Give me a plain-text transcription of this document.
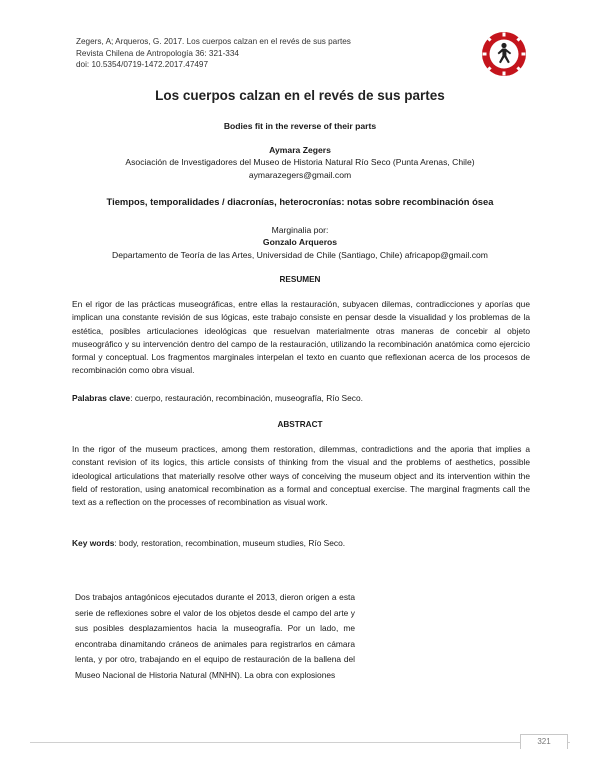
Zegers, A; Arqueros, G. 2017. Los cuerpos calzan en el revés de sus partes
Revista Chilena de Antropología 36: 321-334
doi: 10.5354/0719-1472.2017.47497
Los cuerpos calzan en el revés de sus partes
Bodies fit in the reverse of their parts
Aymara Zegers
Asociación de Investigadores del Museo de Historia Natural Río Seco (Punta Arenas, Chile)
aymarazegers@gmail.com
Tiempos, temporalidades / diacronías, heterocronías: notas sobre recombinación ósea
Marginalia por:
Gonzalo Arqueros
Departamento de Teoría de las Artes, Universidad de Chile (Santiago, Chile) africapop@gmail.com
RESUMEN
En el rigor de las prácticas museográficas, entre ellas la restauración, subyacen dilemas, contradicciones y aporías que implican una constante revisión de sus lógicas, este trabajo consiste en pensar desde la visualidad y los problemas de la estética, posibles articulaciones ideológicas que resuelvan materialmente otras maneras de concebir al objeto museográfico y su intervención dentro del campo de la restauración, utilizando la recombinación anatómica como ejercicio formal y conceptual. Los fragmentos marginales interpelan el texto en cuanto que reflexionan acerca de los procesos de recombinación como obra visual.
Palabras clave: cuerpo, restauración, recombinación, museografía, Río Seco.
ABSTRACT
In the rigor of the museum practices, among them restoration, dilemmas, contradictions and the aporia that implies a constant revision of its logics, this article consists of thinking from the visual and the problems of aesthetics, possible ideological articulations that materially resolve other ways of conceiving the museum object and its intervention within the field of restoration, using anatomical recombination as a formal and conceptual exercise. The marginal fragments call the text as a reflection on the processes of recombination as visual work.
Key words: body, restoration, recombination, museum studies, Río Seco.
Dos trabajos antagónicos ejecutados durante el 2013, dieron origen a esta serie de reflexiones sobre el valor de los objetos desde el campo del arte y sus posibles desplazamientos hacia la museografía. Por un lado, me encontraba dinamitando cráneos de animales para registrarlos en cámara lenta, y por otro, trabajando en el equipo de restauración de la ballena del Museo Nacional de Historia Natural (MNHN). La obra con explosiones
321
